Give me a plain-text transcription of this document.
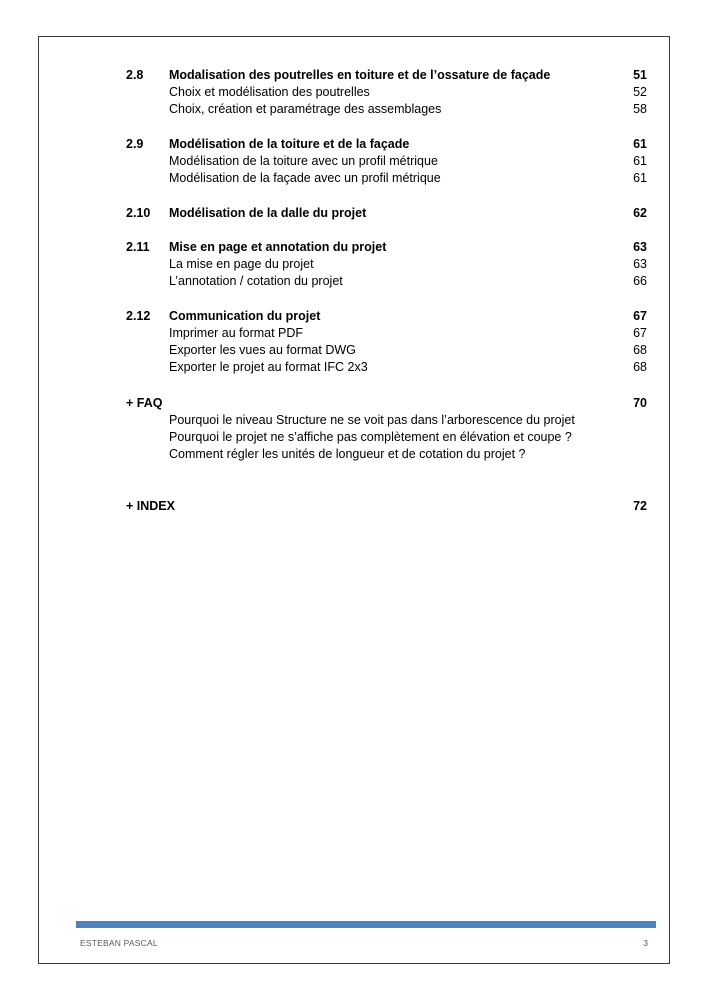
2.8 Modalisation des poutrelles en toiture et de l’ossature de façade	51
Choix et modélisation des poutrelles	52
Choix, création et paramétrage des assemblages	58
2.9 Modélisation de la toiture et de la façade	61
Modélisation de la toiture avec un profil métrique	61
Modélisation de la façade avec un profil métrique	61
2.10 Modélisation de la dalle du projet	62
2.11 Mise en page et annotation du projet	63
La mise en page du projet	63
L’annotation / cotation du projet	66
2.12 Communication du projet	67
Imprimer au format PDF	67
Exporter les vues au format DWG	68
Exporter le projet au format IFC 2x3	68
+ FAQ	70
Pourquoi le niveau Structure ne se voit pas dans l’arborescence du projet
Pourquoi le projet ne s’affiche pas complètement en élévation et coupe ?
Comment régler les unités de longueur et de cotation du projet ?
+ INDEX	72
ESTEBAN PASCAL	3
